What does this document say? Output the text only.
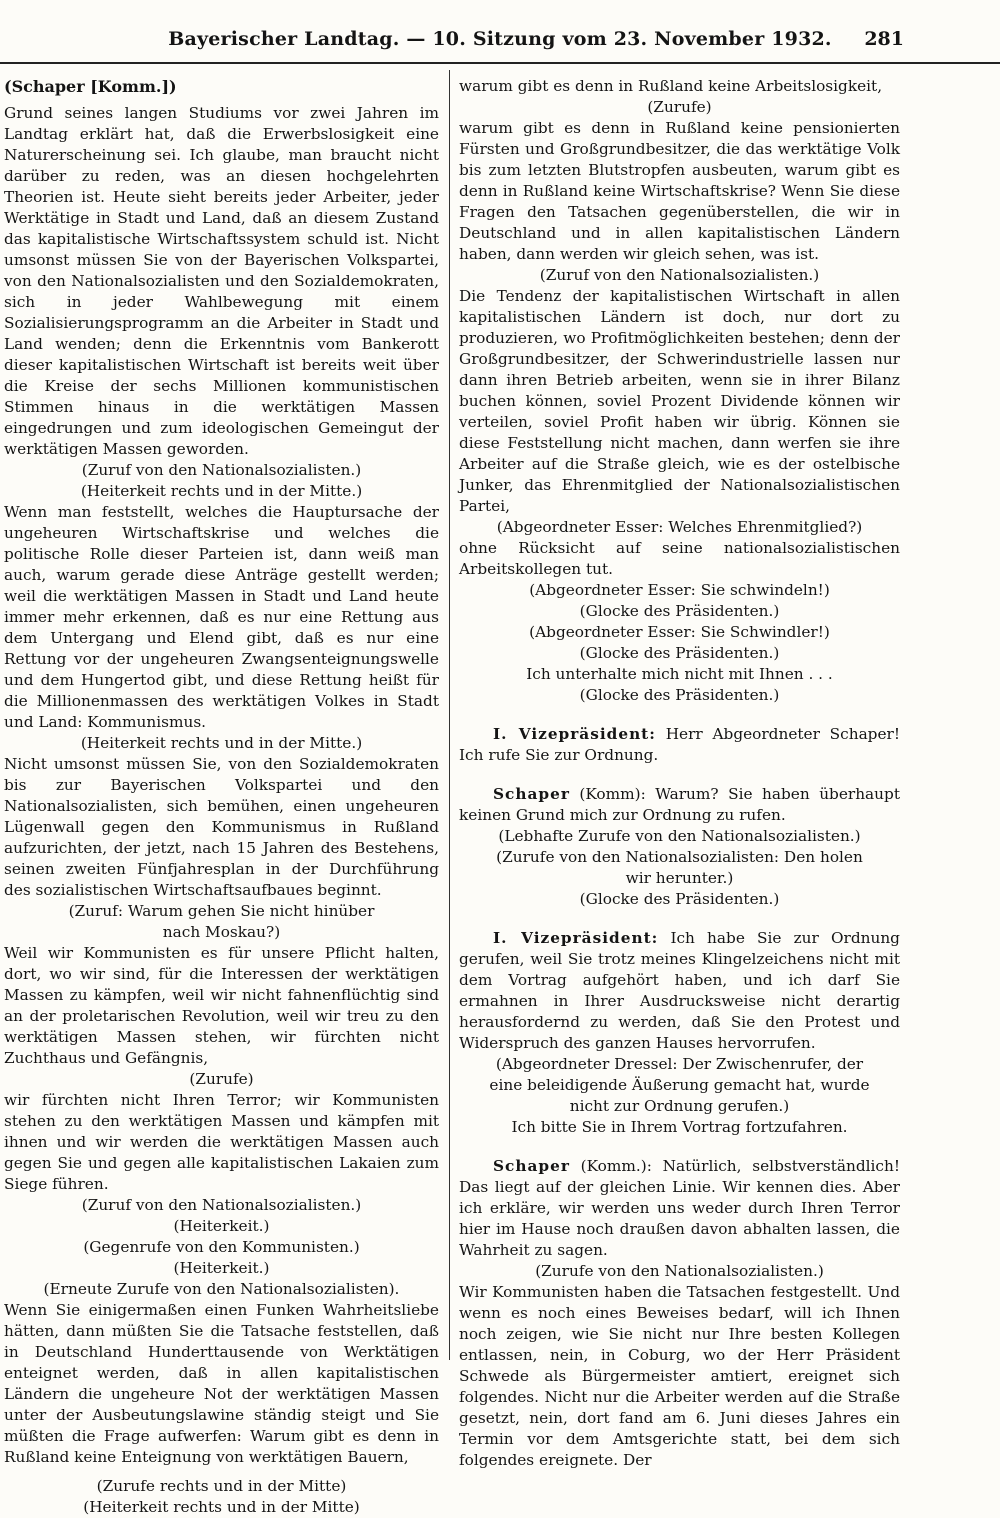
Bayerischer Landtag. — 10. Sitzung vom 23. November 1932.	281

(Schaper [Komm.])

Grund seines langen Studiums vor zwei Jahren im Landtag erklärt hat, daß die Erwerbslosigkeit eine Naturerscheinung sei. Ich glaube, man braucht nicht darüber zu reden, was an diesen hochgelehrten Theorien ist. Heute sieht bereits jeder Arbeiter, jeder Werktätige in Stadt und Land, daß an diesem Zustand das kapitalistische Wirtschaftssystem schuld ist. Nicht umsonst müssen Sie von der Bayerischen Volkspartei, von den Nationalsozialisten und den Sozialdemokraten, sich in jeder Wahlbewegung mit einem Sozialisierungsprogramm an die Arbeiter in Stadt und Land wenden; denn die Erkenntnis vom Bankerott dieser kapitalistischen Wirtschaft ist bereits weit über die Kreise der sechs Millionen kommunistischen Stimmen hinaus in die werktätigen Massen eingedrungen und zum ideologischen Gemeingut der werktätigen Massen geworden.

(Zuruf von den Nationalsozialisten.)

(Heiterkeit rechts und in der Mitte.)

Wenn man feststellt, welches die Hauptursache der ungeheuren Wirtschaftskrise und welches die politische Rolle dieser Parteien ist, dann weiß man auch, warum gerade diese Anträge gestellt werden; weil die werktätigen Massen in Stadt und Land heute immer mehr erkennen, daß es nur eine Rettung aus dem Untergang und Elend gibt, daß es nur eine Rettung vor der ungeheuren Zwangsenteignungswelle und dem Hungertod gibt, und diese Rettung heißt für die Millionenmassen des werktätigen Volkes in Stadt und Land: Kommunismus.

(Heiterkeit rechts und in der Mitte.)

Nicht umsonst müssen Sie, von den Sozialdemokraten bis zur Bayerischen Volkspartei und den Nationalsozialisten, sich bemühen, einen ungeheuren Lügenwall gegen den Kommunismus in Rußland aufzurichten, der jetzt, nach 15 Jahren des Bestehens, seinen zweiten Fünfjahresplan in der Durchführung des sozialistischen Wirtschaftsaufbaues beginnt.

(Zuruf: Warum gehen Sie nicht hinüber

nach Moskau?)

Weil wir Kommunisten es für unsere Pflicht halten, dort, wo wir sind, für die Interessen der werktätigen Massen zu kämpfen, weil wir nicht fahnenflüchtig sind an der proletarischen Revolution, weil wir treu zu den werktätigen Massen stehen, wir fürchten nicht Zuchthaus und Gefängnis,

(Zurufe)

wir fürchten nicht Ihren Terror; wir Kommunisten stehen zu den werktätigen Massen und kämpfen mit ihnen und wir werden die werktätigen Massen auch gegen Sie und gegen alle kapitalistischen Lakaien zum Siege führen.

(Zuruf von den Nationalsozialisten.)

(Heiterkeit.)

(Gegenrufe von den Kommunisten.)

(Heiterkeit.)

(Erneute Zurufe von den Nationalsozialisten).

Wenn Sie einigermaßen einen Funken Wahrheitsliebe hätten, dann müßten Sie die Tatsache feststellen, daß in Deutschland Hunderttausende von Werktätigen enteignet werden, daß in allen kapitalistischen Ländern die ungeheure Not der werktätigen Massen unter der Ausbeutungslawine ständig steigt und Sie müßten die Frage aufwerfen: Warum gibt es denn in Rußland keine Enteignung von werktätigen Bauern,

(Zurufe rechts und in der Mitte)

(Heiterkeit rechts und in der Mitte)

warum gibt es denn in Rußland keine Arbeitslosigkeit,

(Zurufe)

warum gibt es denn in Rußland keine pensionierten Fürsten und Großgrundbesitzer, die das werktätige Volk bis zum letzten Blutstropfen ausbeuten, warum gibt es denn in Rußland keine Wirtschaftskrise? Wenn Sie diese Fragen den Tatsachen gegenüberstellen, die wir in Deutschland und in allen kapitalistischen Ländern haben, dann werden wir gleich sehen, was ist.

(Zuruf von den Nationalsozialisten.)

Die Tendenz der kapitalistischen Wirtschaft in allen kapitalistischen Ländern ist doch, nur dort zu produzieren, wo Profitmöglichkeiten bestehen; denn der Großgrundbesitzer, der Schwerindustrielle lassen nur dann ihren Betrieb arbeiten, wenn sie in ihrer Bilanz buchen können, soviel Prozent Dividende können wir verteilen, soviel Profit haben wir übrig. Können sie diese Feststellung nicht machen, dann werfen sie ihre Arbeiter auf die Straße gleich, wie es der ostelbische Junker, das Ehrenmitglied der Nationalsozialistischen Partei,

(Abgeordneter Esser: Welches Ehrenmitglied?)

ohne Rücksicht auf seine nationalsozialistischen Arbeitskollegen tut.

(Abgeordneter Esser: Sie schwindeln!)

(Glocke des Präsidenten.)

(Abgeordneter Esser: Sie Schwindler!)

(Glocke des Präsidenten.)

Ich unterhalte mich nicht mit Ihnen . . .

(Glocke des Präsidenten.)

I. Vizepräsident: Herr Abgeordneter Schaper! Ich rufe Sie zur Ordnung.

Schaper (Komm): Warum? Sie haben überhaupt keinen Grund mich zur Ordnung zu rufen.

(Lebhafte Zurufe von den Nationalsozialisten.)

(Zurufe von den Nationalsozialisten: Den holen

wir herunter.)

(Glocke des Präsidenten.)

I. Vizepräsident: Ich habe Sie zur Ordnung gerufen, weil Sie trotz meines Klingelzeichens nicht mit dem Vortrag aufgehört haben, und ich darf Sie ermahnen in Ihrer Ausdrucksweise nicht derartig herausfordernd zu werden, daß Sie den Protest und Widerspruch des ganzen Hauses hervorrufen.

(Abgeordneter Dressel: Der Zwischenrufer, der

eine beleidigende Äußerung gemacht hat, wurde

nicht zur Ordnung gerufen.)

Ich bitte Sie in Ihrem Vortrag fortzufahren.

Schaper (Komm.): Natürlich, selbstverständlich! Das liegt auf der gleichen Linie. Wir kennen dies. Aber ich erkläre, wir werden uns weder durch Ihren Terror hier im Hause noch draußen davon abhalten lassen, die Wahrheit zu sagen.

(Zurufe von den Nationalsozialisten.)

Wir Kommunisten haben die Tatsachen festgestellt. Und wenn es noch eines Beweises bedarf, will ich Ihnen noch zeigen, wie Sie nicht nur Ihre besten Kollegen entlassen, nein, in Coburg, wo der Herr Präsident Schwede als Bürgermeister amtiert, ereignet sich folgendes. Nicht nur die Arbeiter werden auf die Straße gesetzt, nein, dort fand am 6. Juni dieses Jahres ein Termin vor dem Amtsgerichte statt, bei dem sich folgendes ereignete. Der
